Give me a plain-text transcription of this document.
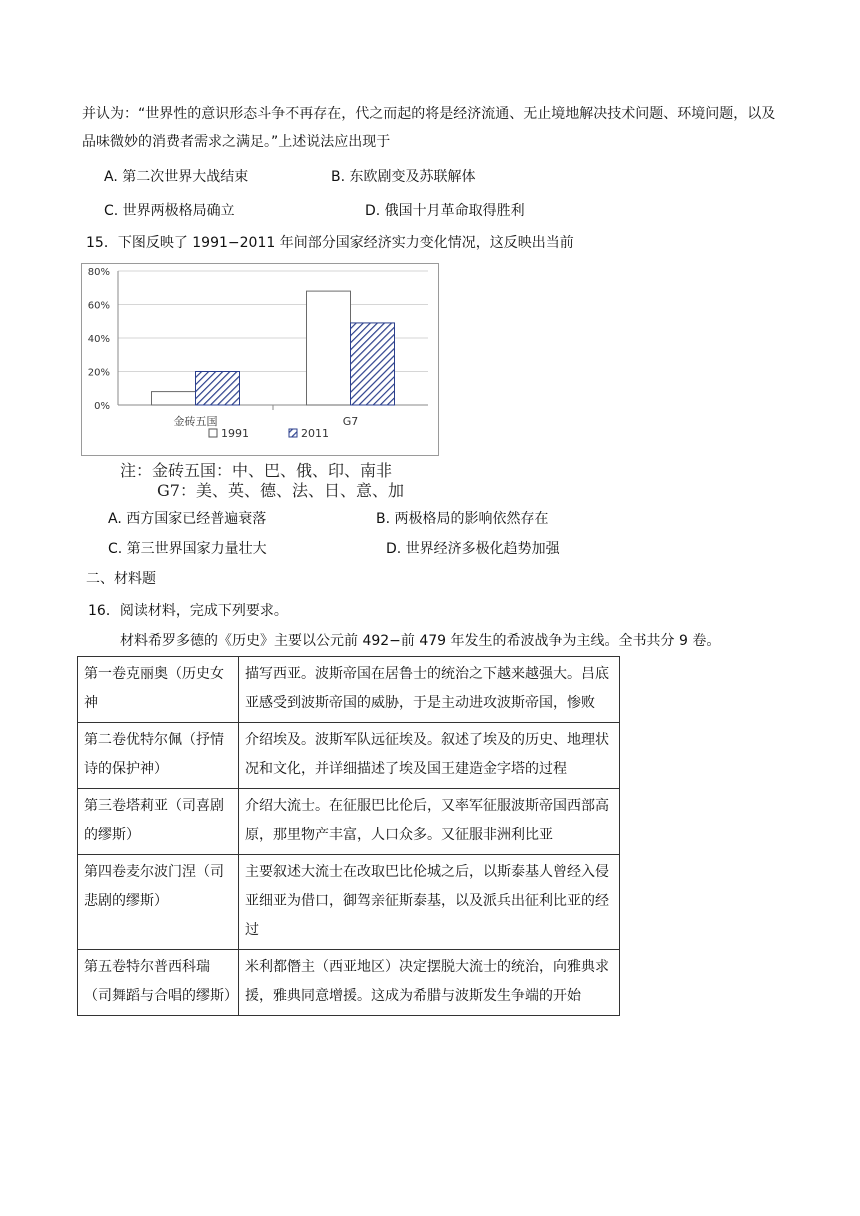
并认为：“世界性的意识形态斗争不再存在，代之而起的将是经济流通、无止境地解决技术问题、环境问题，以及品味微妙的消费者需求之满足。”上述说法应出现于
A. 第二次世界大战结束	B. 东欧剧变及苏联解体
C. 世界两极格局确立	D. 俄国十月革命取得胜利
15．下图反映了 1991−2011 年间部分国家经济实力变化情况，这反映出当前
0%
20%
40%
60%
80%
金砖五国	G7
1991	2011
注：金砖五国：中、巴、俄、印、南非
G7：美、英、德、法、日、意、加
A. 西方国家已经普遍衰落	B. 两极格局的影响依然存在
C. 第三世界国家力量壮大	D. 世界经济多极化趋势加强
二、材料题
16．阅读材料，完成下列要求。
材料希罗多德的《历史》主要以公元前 492−前 479 年发生的希波战争为主线。全书共分 9 卷。
第一卷克丽奥（历史女神	描写西亚。波斯帝国在居鲁士的统治之下越来越强大。吕底亚感受到波斯帝国的威胁，于是主动进攻波斯帝国，惨败
第二卷优特尔佩（抒情诗的保护神）	介绍埃及。波斯军队远征埃及。叙述了埃及的历史、地理状况和文化，并详细描述了埃及国王建造金字塔的过程
第三卷塔莉亚（司喜剧的缪斯）	介绍大流士。在征服巴比伦后，又率军征服波斯帝国西部高原，那里物产丰富，人口众多。又征服非洲利比亚
第四卷麦尔波门涅（司悲剧的缪斯）	主要叙述大流士在改取巴比伦城之后，以斯泰基人曾经入侵亚细亚为借口，御驾亲征斯泰基，以及派兵出征利比亚的经过
第五卷特尔普西科瑞（司舞蹈与合唱的缪斯）	米利都僭主（西亚地区）决定摆脱大流士的统治，向雅典求援，雅典同意增援。这成为希腊与波斯发生争端的开始
